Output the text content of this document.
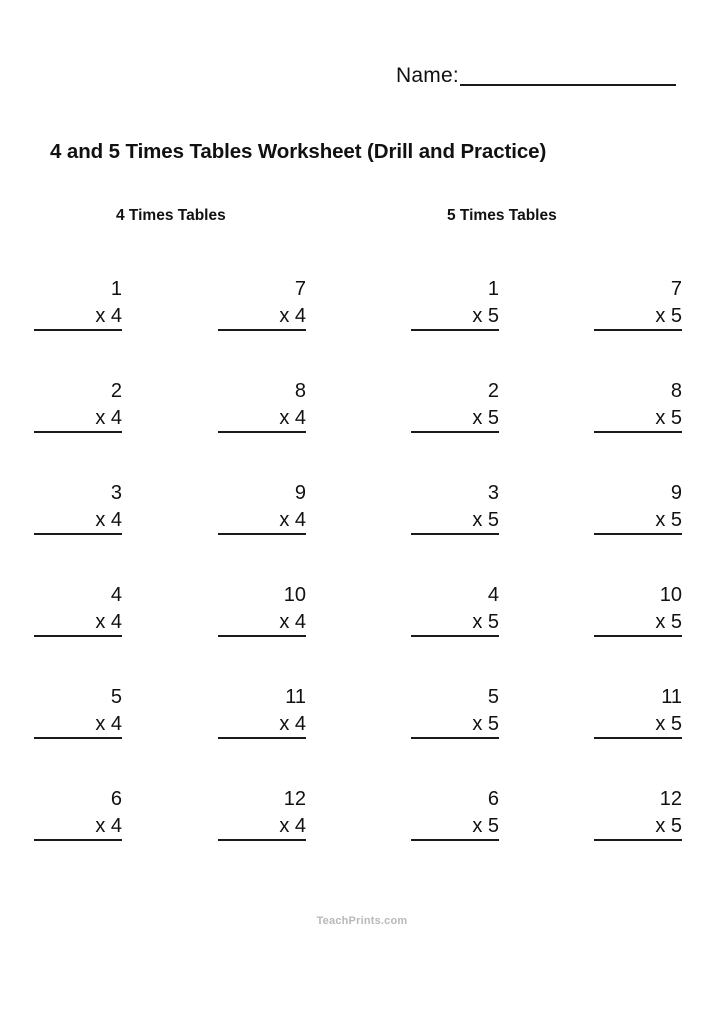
Name:
4 and 5 Times Tables Worksheet (Drill and Practice)
4 Times Tables	5 Times Tables
1
x 4
7
x 4
1
x 5
7
x 5
2
x 4
8
x 4
2
x 5
8
x 5
3
x 4
9
x 4
3
x 5
9
x 5
4
x 4
10
x 4
4
x 5
10
x 5
5
x 4
11
x 4
5
x 5
11
x 5
6
x 4
12
x 4
6
x 5
12
x 5
TeachPrints.com
